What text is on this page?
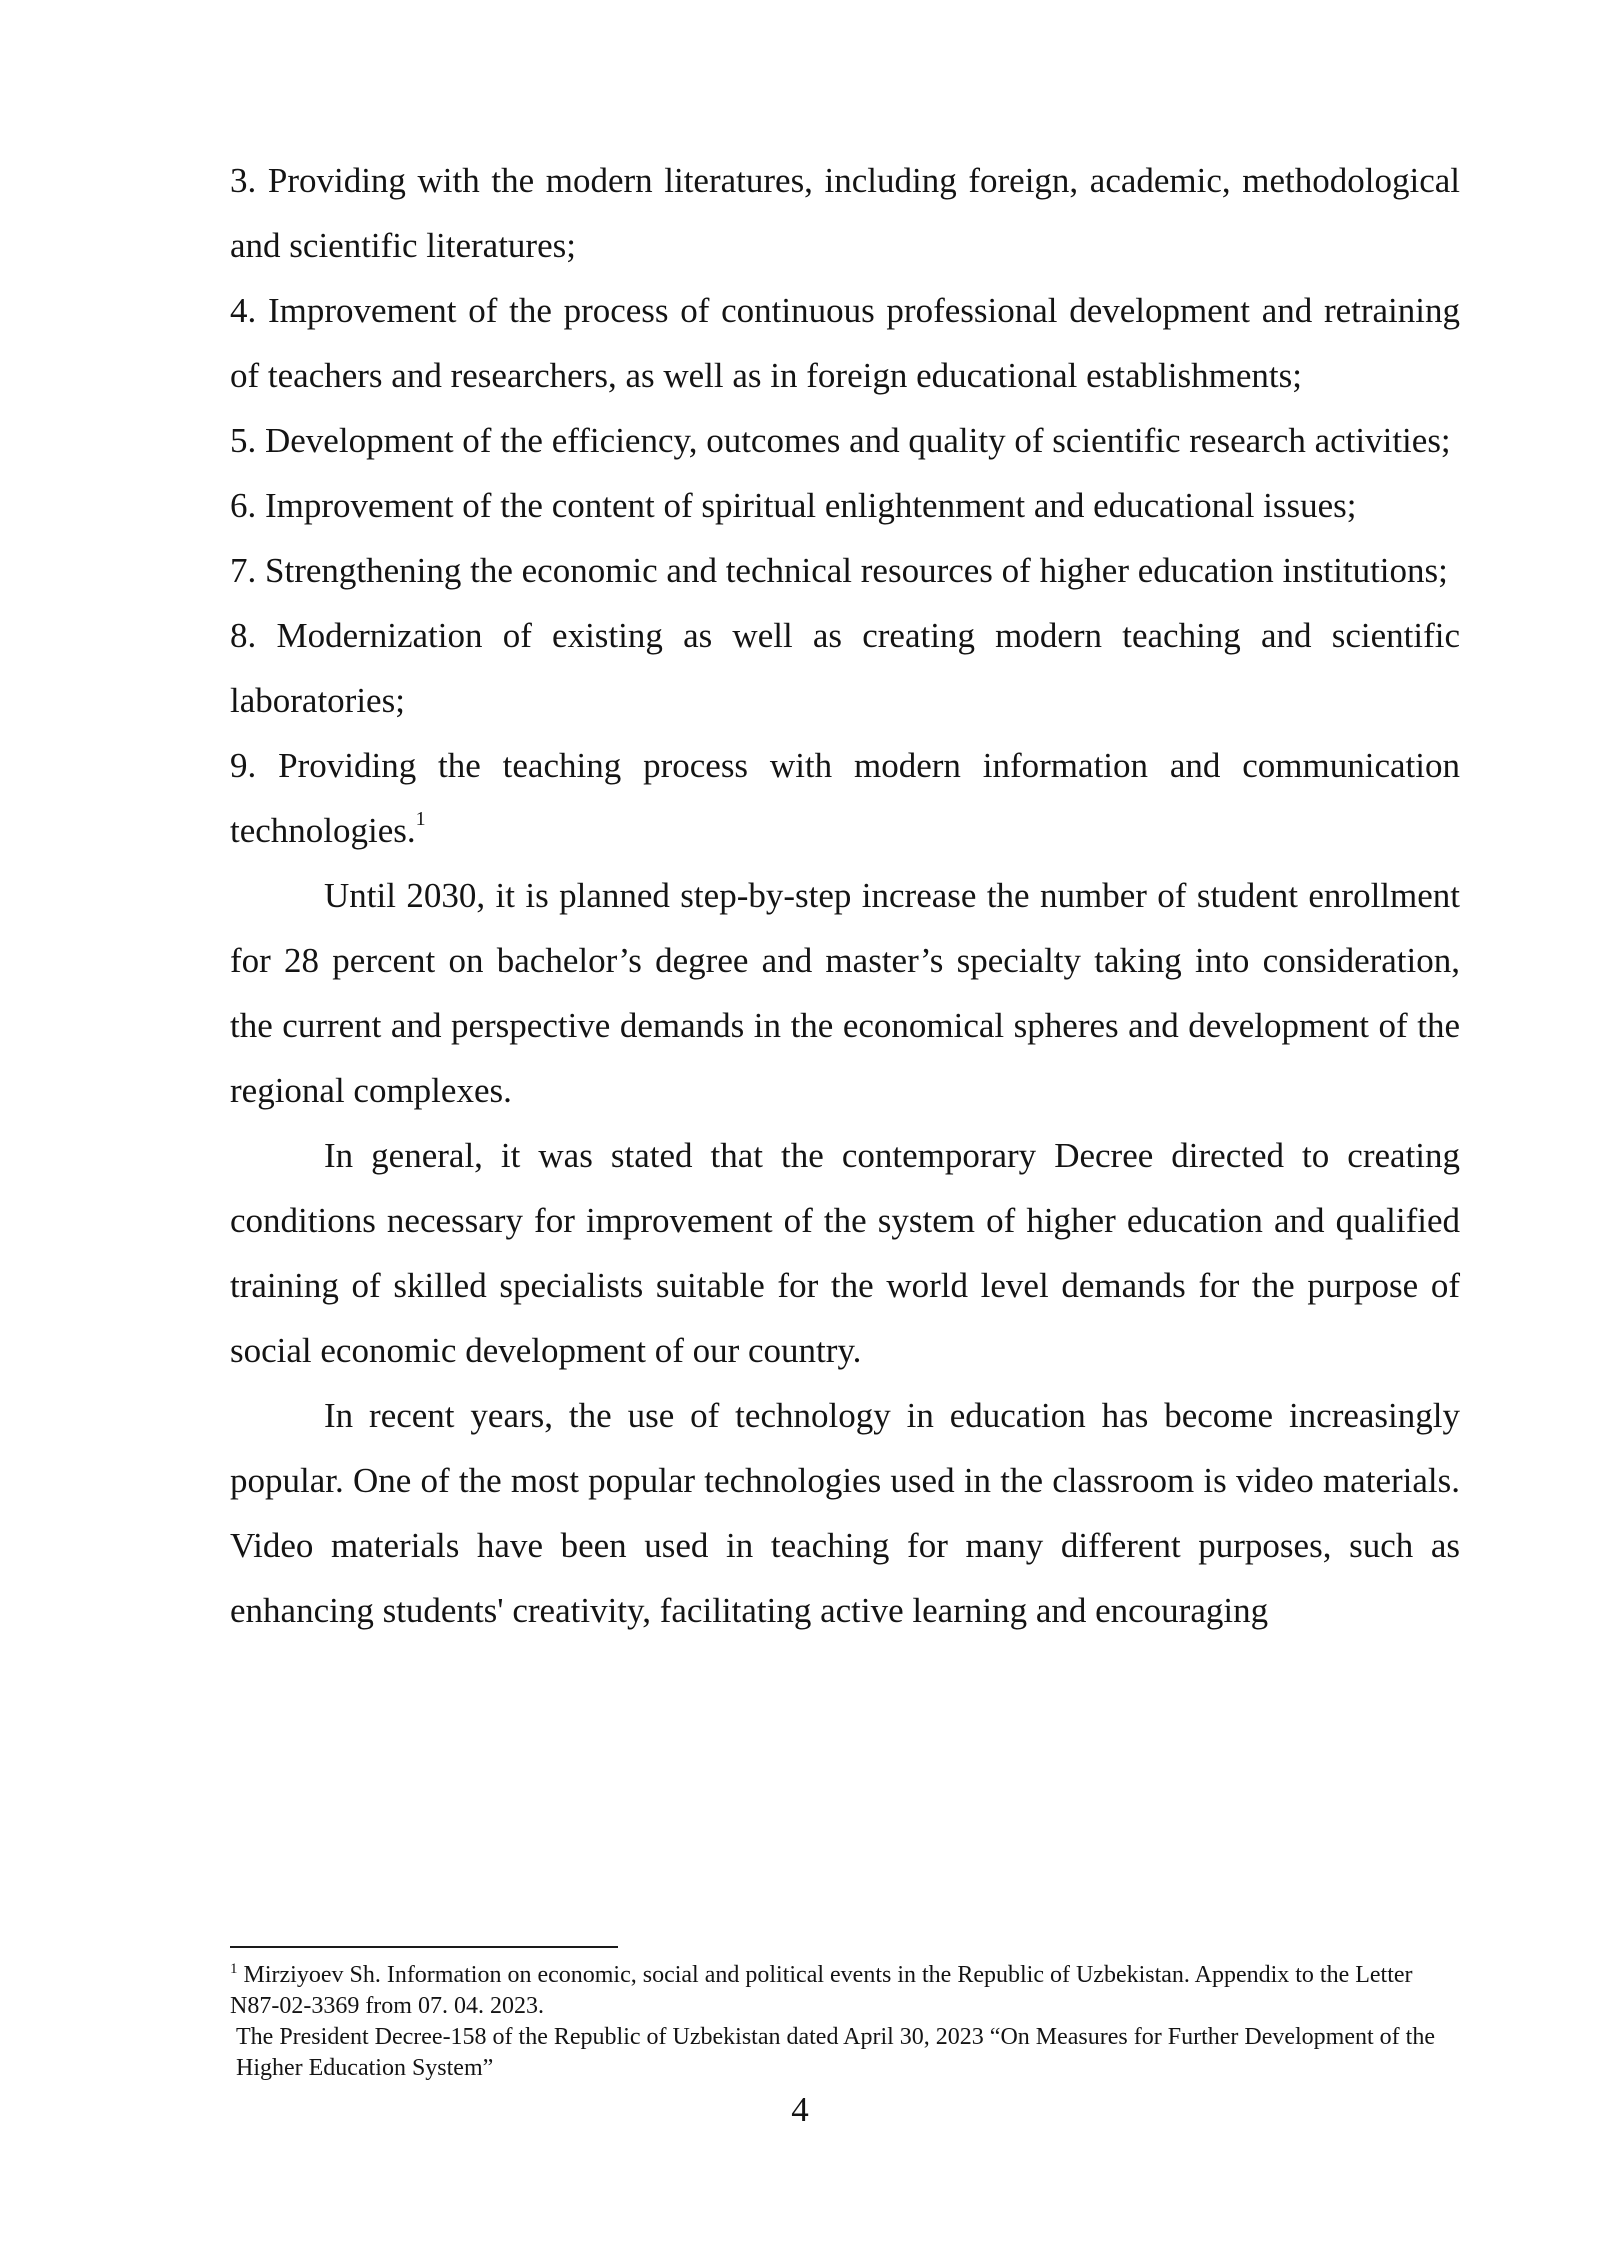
3. Providing with the modern literatures, including foreign, academic, methodological and scientific literatures;
4. Improvement of the process of continuous professional development and retraining of teachers and researchers, as well as in foreign educational establishments;
5. Development of the efficiency, outcomes and quality of scientific research activities;
6. Improvement of the content of spiritual enlightenment and educational issues;
7. Strengthening the economic and technical resources of higher education institutions;
8. Modernization of existing as well as creating modern teaching and scientific laboratories;
9. Providing the teaching process with modern information and communication technologies.$^1$

Until 2030, it is planned step-by-step increase the number of student enrollment for 28 percent on bachelor’s degree and master’s specialty taking into consideration, the current and perspective demands in the economical spheres and development of the regional complexes.

In general, it was stated that the contemporary Decree directed to creating conditions necessary for improvement of the system of higher education and qualified training of skilled specialists suitable for the world level demands for the purpose of social economic development of our country.

In recent years, the use of technology in education has become increasingly popular. One of the most popular technologies used in the classroom is video materials. Video materials have been used in teaching for many different purposes, such as enhancing students' creativity, facilitating active learning and encouraging

$^1$ Mirziyoev Sh. Information on economic, social and political events in the Republic of Uzbekistan. Appendix to the Letter N87-02-3369 from 07. 04. 2023.

The President Decree-158 of the Republic of Uzbekistan dated April 30, 2023 “On Measures for Further Development of the Higher Education System”

4
